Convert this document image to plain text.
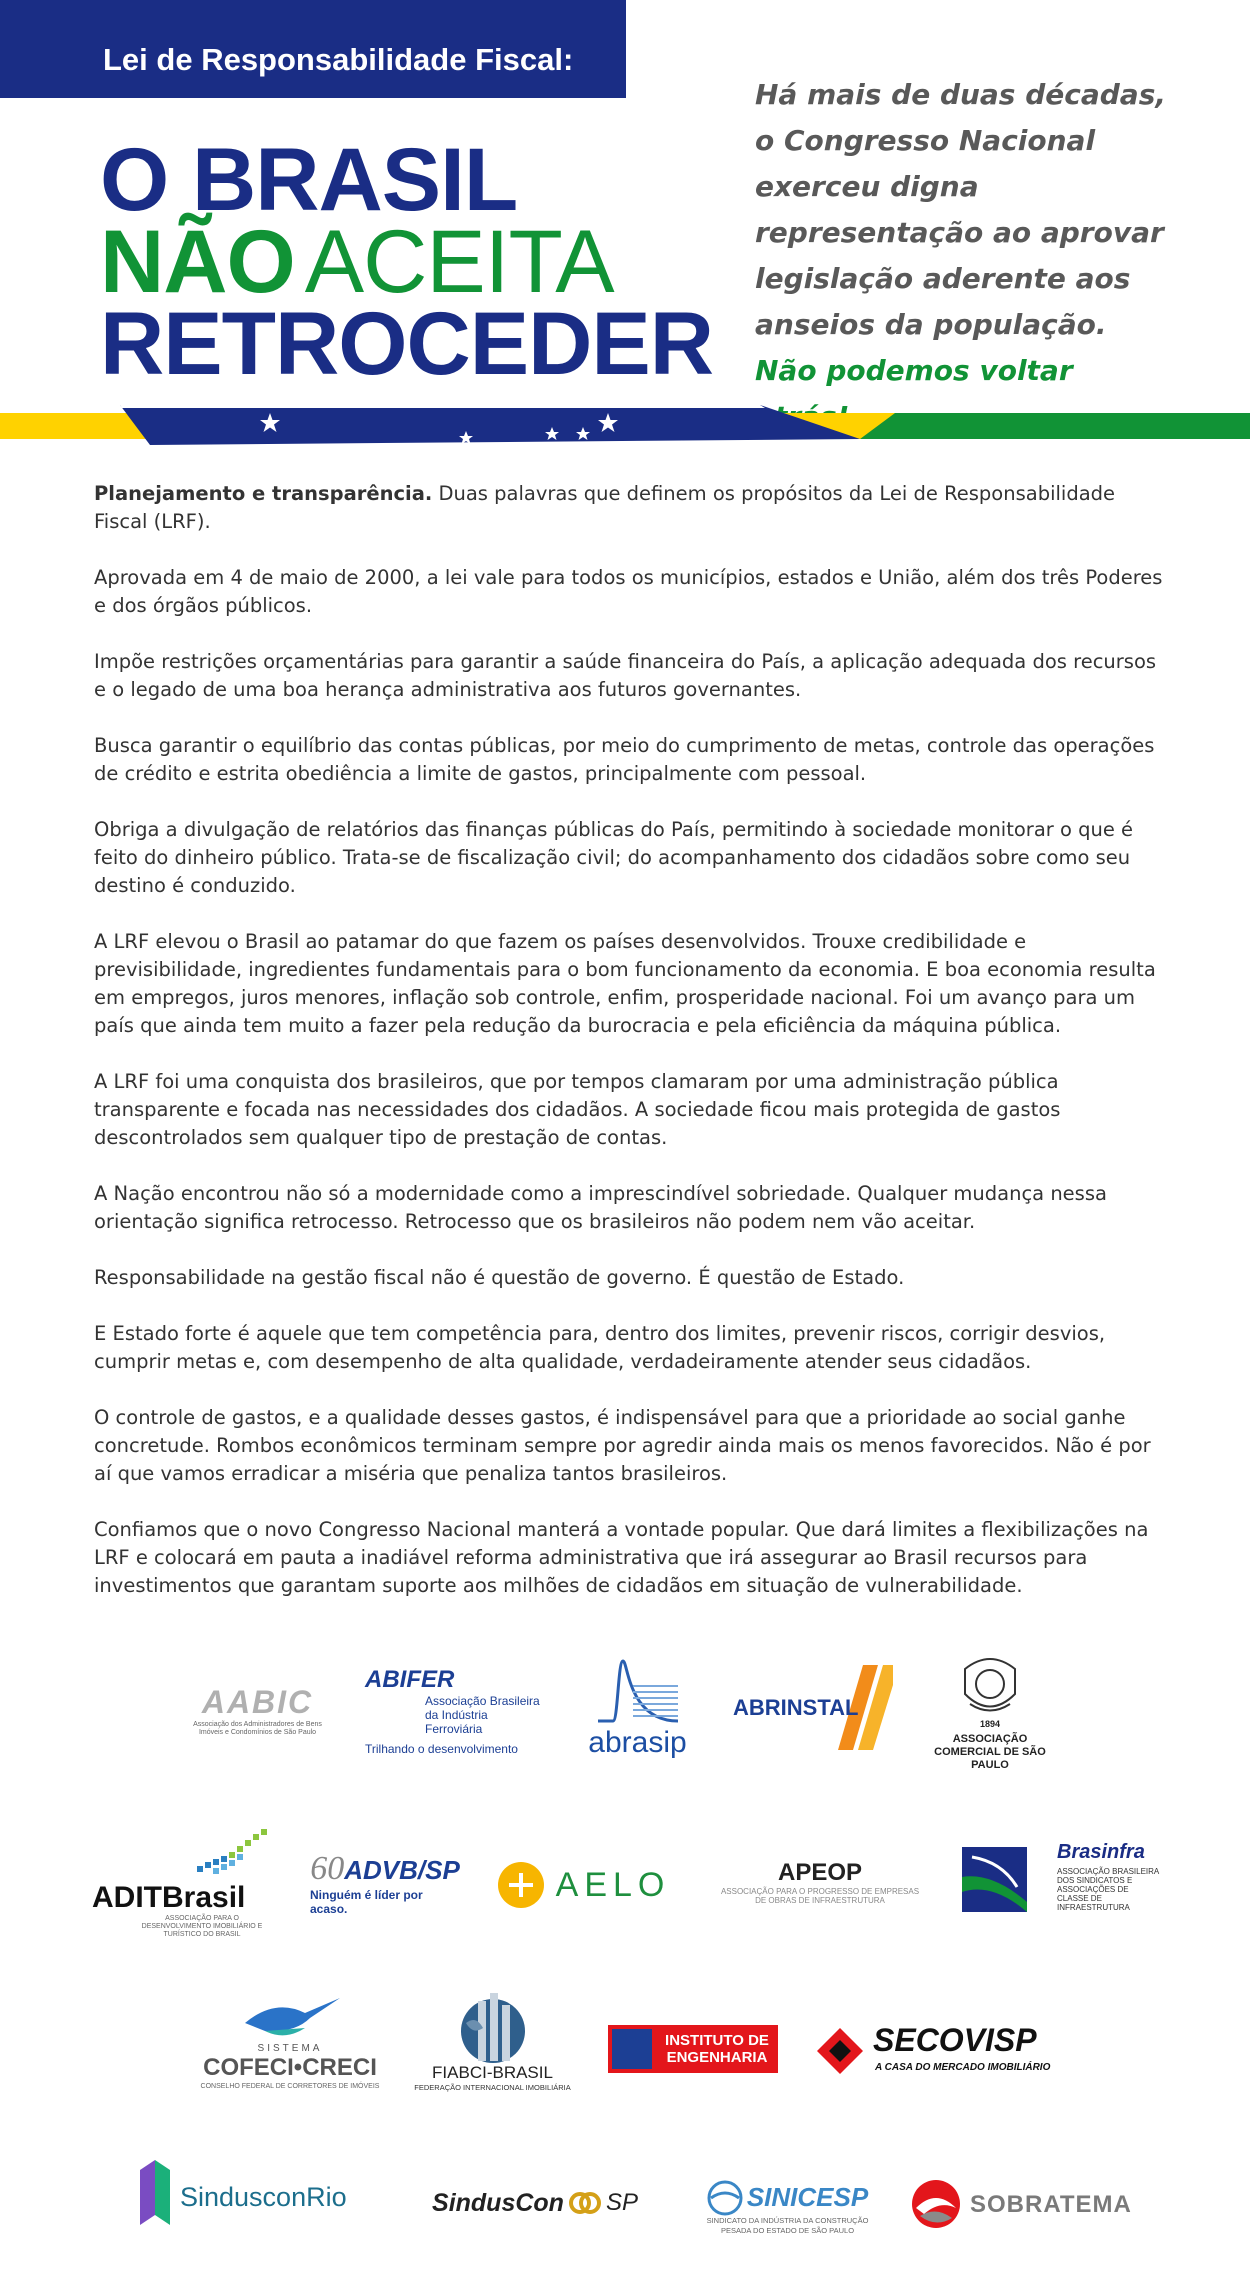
Lei de Responsabilidade Fiscal:
O BRASIL
NÃO ACEITA
RETROCEDER
Há mais de duas décadas, o Congresso Nacional exerceu digna representação ao aprovar legislação aderente aos anseios da população.
Não podemos voltar

Planejamento e transparência. Duas palavras que definem os propósitos da Lei de Responsabilidade Fiscal (LRF).

Aprovada em 4 de maio de 2000, a lei vale para todos os municípios, estados e União, além dos três Poderes e dos órgãos públicos.

Impõe restrições orçamentárias para garantir a saúde financeira do País, a aplicação adequada dos recursos e o legado de uma boa herança administrativa aos futuros governantes.

Busca garantir o equilíbrio das contas públicas, por meio do cumprimento de metas, controle das operações de crédito e estrita obediência a limite de gastos, principalmente com pessoal.

Obriga a divulgação de relatórios das finanças públicas do País, permitindo à sociedade monitorar o que é feito do dinheiro público. Trata-se de fiscalização civil; do acompanhamento dos cidadãos sobre como seu destino é conduzido.

A LRF elevou o Brasil ao patamar do que fazem os países desenvolvidos. Trouxe credibilidade e previsibilidade, ingredientes fundamentais para o bom funcionamento da economia. E boa economia resulta em empregos, juros menores, inflação sob controle, enfim, prosperidade nacional. Foi um avanço para um país que ainda tem muito a fazer pela redução da burocracia e pela eficiência da máquina pública.

A LRF foi uma conquista dos brasileiros, que por tempos clamaram por uma administração pública transparente e focada nas necessidades dos cidadãos. A sociedade ficou mais protegida de gastos descontrolados sem qualquer tipo de prestação de contas.

A Nação encontrou não só a modernidade como a imprescindível sobriedade. Qualquer mudança nessa orientação significa retrocesso. Retrocesso que os brasileiros não podem nem vão aceitar.

Responsabilidade na gestão fiscal não é questão de governo. É questão de Estado.

E Estado forte é aquele que tem competência para, dentro dos limites, prevenir riscos, corrigir desvios, cumprir metas e, com desempenho de alta qualidade, verdadeiramente atender seus cidadãos.

O controle de gastos, e a qualidade desses gastos, é indispensável para que a prioridade ao social ganhe concretude. Rombos econômicos terminam sempre por agredir ainda mais os menos favorecidos. Não é por aí que vamos erradicar a miséria que penaliza tantos brasileiros.

Confiamos que o novo Congresso Nacional manterá a vontade popular. Que dará limites a flexibilizações na LRF e colocará em pauta a inadiável reforma administrativa que irá assegurar ao Brasil recursos para investimentos que garantam suporte aos milhões de cidadãos em situação de vulnerabilidade.

AABIC
Associação dos Administradores de Bens Imóveis e Condomínios de São Paulo
ABIFER
Associação Brasileira
da Indústria Ferroviária
Trilhando o desenvolvimento abrasip
ABRINSTAL
1894
ASSOCIAÇÃO COMERCIAL DE SÃO PAULO
ADITBrasil
ASSOCIAÇÃO PARA O DESENVOLVIMENTO IMOBILIÁRIO E TURÍSTICO DO BRASIL
60 ADVB/SP
Ninguém é líder por acaso.
AELO	APEOP
ASSOCIAÇÃO PARA O PROGRESSO DE EMPRESAS DE OBRAS DE INFRAESTRUTURA
Brasinfra
ASSOCIAÇÃO BRASILEIRA DOS SINDICATOS E ASSOCIAÇÕES DE CLASSE DE INFRAESTRUTURA
SISTEMA
COFECI•CRECI
CONSELHO FEDERAL DE CORRETORES DE IMÓVEIS
FIABCI-BRASIL
FEDERAÇÃO INTERNACIONAL IMOBILIÁRIA
INSTITUTO DE
ENGENHARIA	SECOVISP
A CASA DO MERCADO IMOBILIÁRIO
SindusconRio	SindusCon SP	SINICESP
SINDICATO DA INDÚSTRIA DA CONSTRUÇÃO PESADA DO ESTADO DE SÃO PAULO
SOBRATEMA
